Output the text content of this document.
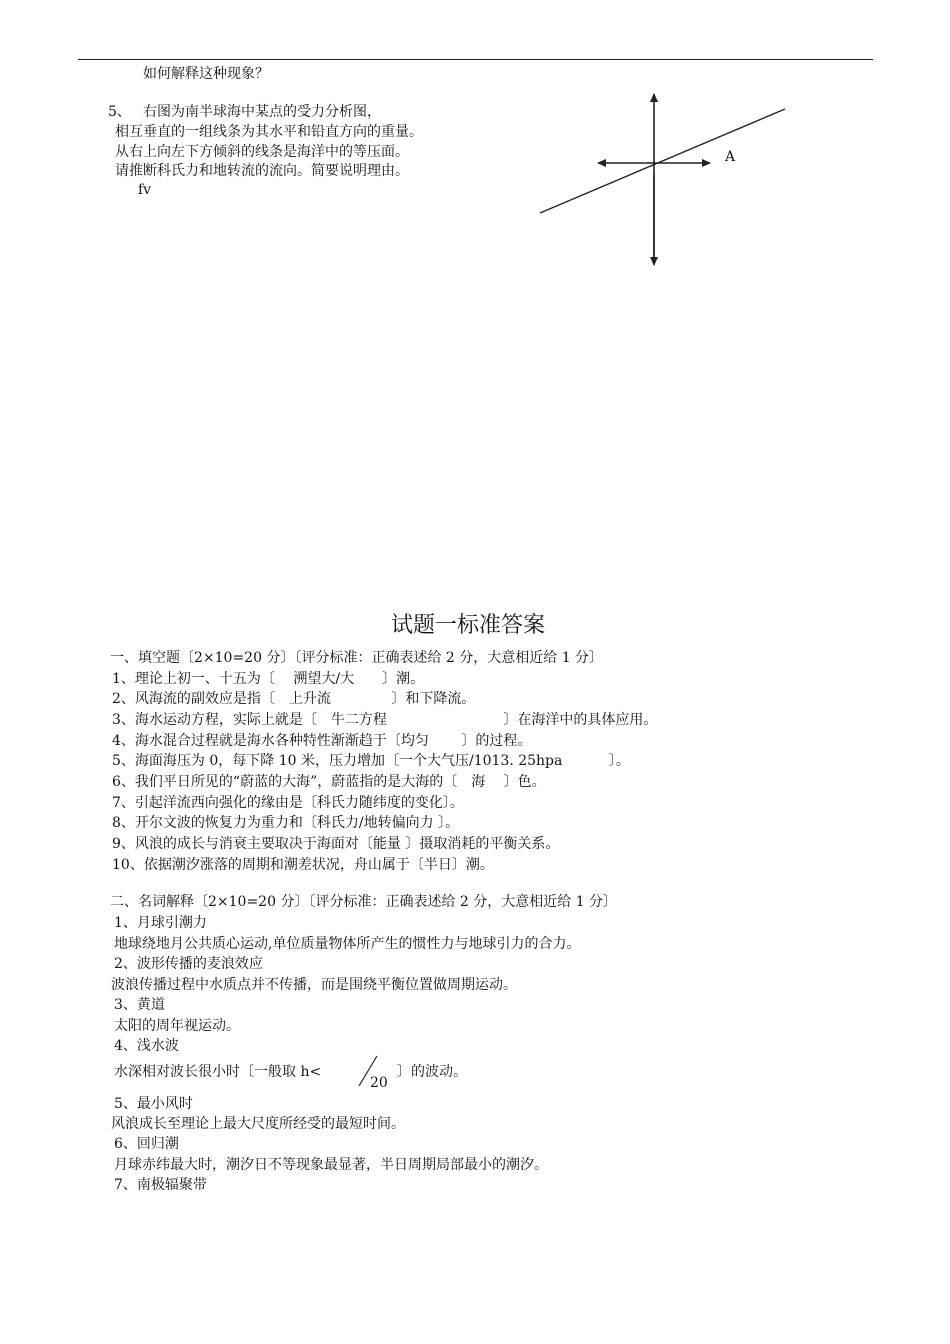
如何解释这种现象？
5、 右图为南半球海中某点的受力分析图，
相互垂直的一组线条为其水平和铅直方向的重量。
从右上向左下方倾斜的线条是海洋中的等压面。
请推断科氏力和地转流的流向。简要说明理由。
fv
A
试题一标准答案
一、填空题〔2×10=20 分〕〔评分标准：正确表述给 2 分，大意相近给 1 分〕
1、理论上初一、十五为〔　 溯望大/大　　〕潮。
2、风海流的副效应是指〔　上升流　　　　 〕和下降流。
3、海水运动方程，实际上就是〔　牛二方程　　　　　　　　 〕在海洋中的具体应用。
4、海水混合过程就是海水各种特性渐渐趋于〔均匀　　 〕的过程。
5、海面海压为 0，每下降 10 米，压力增加〔一个大气压/1013. 25hpa　　　 〕。
6、我们平日所见的“蔚蓝的大海”，蔚蓝指的是大海的〔　海　 〕色。
7、引起洋流西向强化的缘由是〔科氏力随纬度的变化〕。
8、开尔文波的恢复力为重力和〔科氏力/地转偏向力 〕。
9、风浪的成长与消衰主要取决于海面对〔能量 〕摄取消耗的平衡关系。
10、依据潮汐涨落的周期和潮差状况，舟山属于〔半日〕潮。
二、名词解释〔2×10=20 分〕〔评分标准：正确表述给 2 分，大意相近给 1 分〕
1、月球引潮力
地球绕地月公共质心运动,单位质量物体所产生的惯性力与地球引力的合力。
2、波形传播的麦浪效应
波浪传播过程中水质点并不传播，而是围绕平衡位置做周期运动。
3、黄道
太阳的周年视运动。
4、浅水波
水深相对波长很小时〔一般取 h<
20
〕的波动。
5、最小风时
风浪成长至理论上最大尺度所经受的最短时间。
6、回归潮
月球赤纬最大时，潮汐日不等现象最显著，半日周期局部最小的潮汐。
7、南极辐聚带
